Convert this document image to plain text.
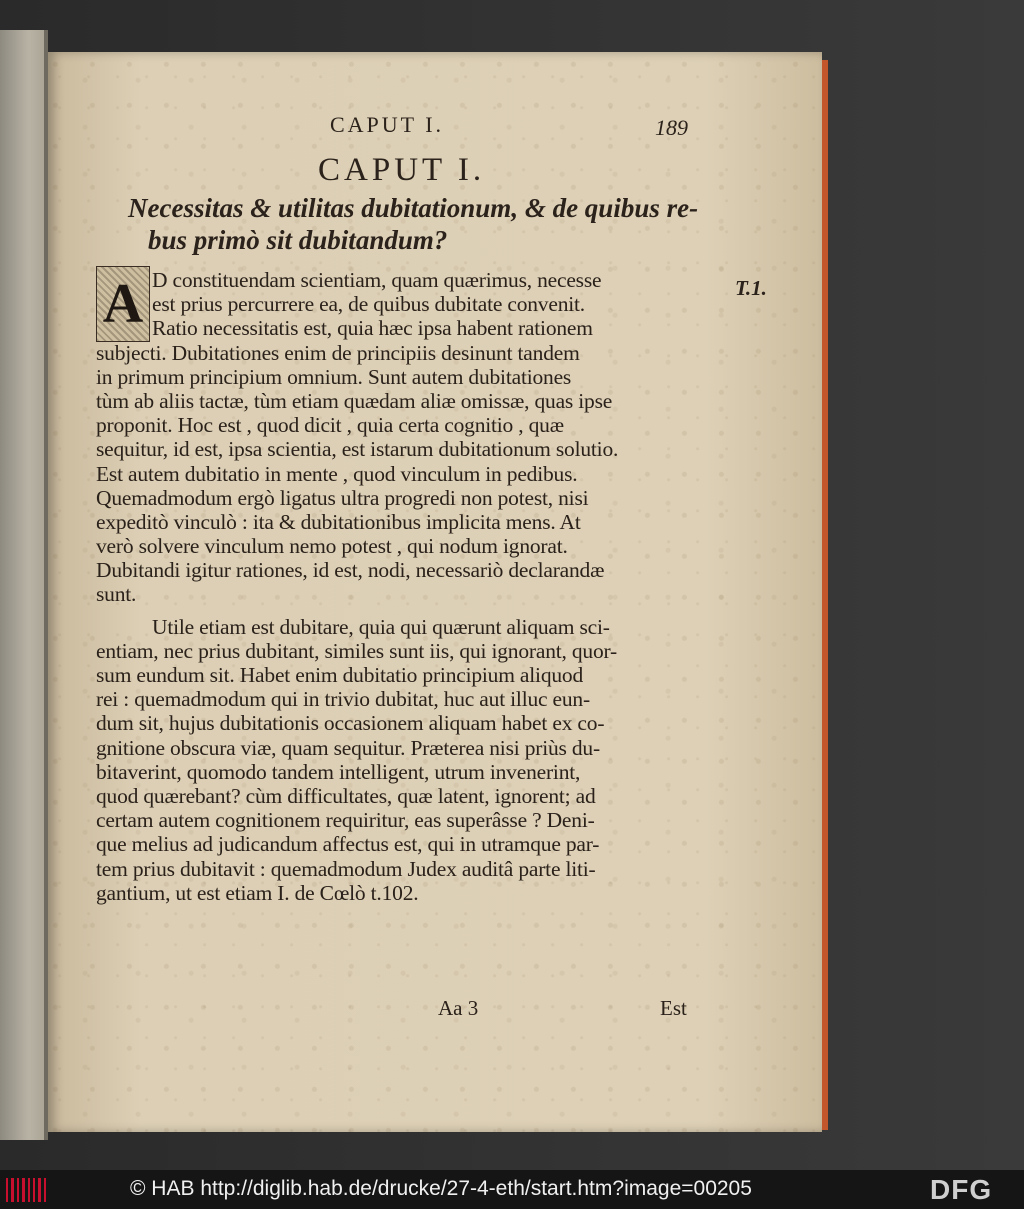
CAPUT I.	189
CAPUT I.
Necessitas & utilitas dubitationum, & de quibus re-
bus primò sit dubitandum?
T.1.
A D constituendam scientiam, quam quærimus, necesse
est prius percurrere ea, de quibus dubitate convenit.
Ratio necessitatis est, quia hæc ipsa habent rationem
subjecti. Dubitationes enim de principiis desinunt tandem
in primum principium omnium. Sunt autem dubitationes
tùm ab aliis tactæ, tùm etiam quædam aliæ omissæ, quas ipse
proponit. Hoc est , quod dicit , quia certa cognitio , quæ
sequitur, id est, ipsa scientia, est istarum dubitationum solutio.
Est autem dubitatio in mente , quod vinculum in pedibus.
Quemadmodum ergò ligatus ultra progredi non potest, nisi
expeditò vinculò : ita & dubitationibus implicita mens. At
verò solvere vinculum nemo potest , qui nodum ignorat.
Dubitandi igitur rationes, id est, nodi, necessariò declarandæ
sunt.
Utile etiam est dubitare, quia qui quærunt aliquam sci-
entiam, nec prius dubitant, similes sunt iis, qui ignorant, quor-
sum eundum sit. Habet enim dubitatio principium aliquod
rei : quemadmodum qui in trivio dubitat, huc aut illuc eun-
dum sit, hujus dubitationis occasionem aliquam habet ex co-
gnitione obscura viæ, quam sequitur. Præterea nisi priùs du-
bitaverint, quomodo tandem intelligent, utrum invenerint,
quod quærebant? cùm difficultates, quæ latent, ignorent; ad
certam autem cognitionem requiritur, eas superâsse ? Deni-
que melius ad judicandum affectus est, qui in utramque par-
tem prius dubitavit : quemadmodum Judex auditâ parte liti-
gantium, ut est etiam I. de Cœlò t.102.
Aa 3	Est
© HAB http://diglib.hab.de/drucke/27-4-eth/start.htm?image=00205	DFG
